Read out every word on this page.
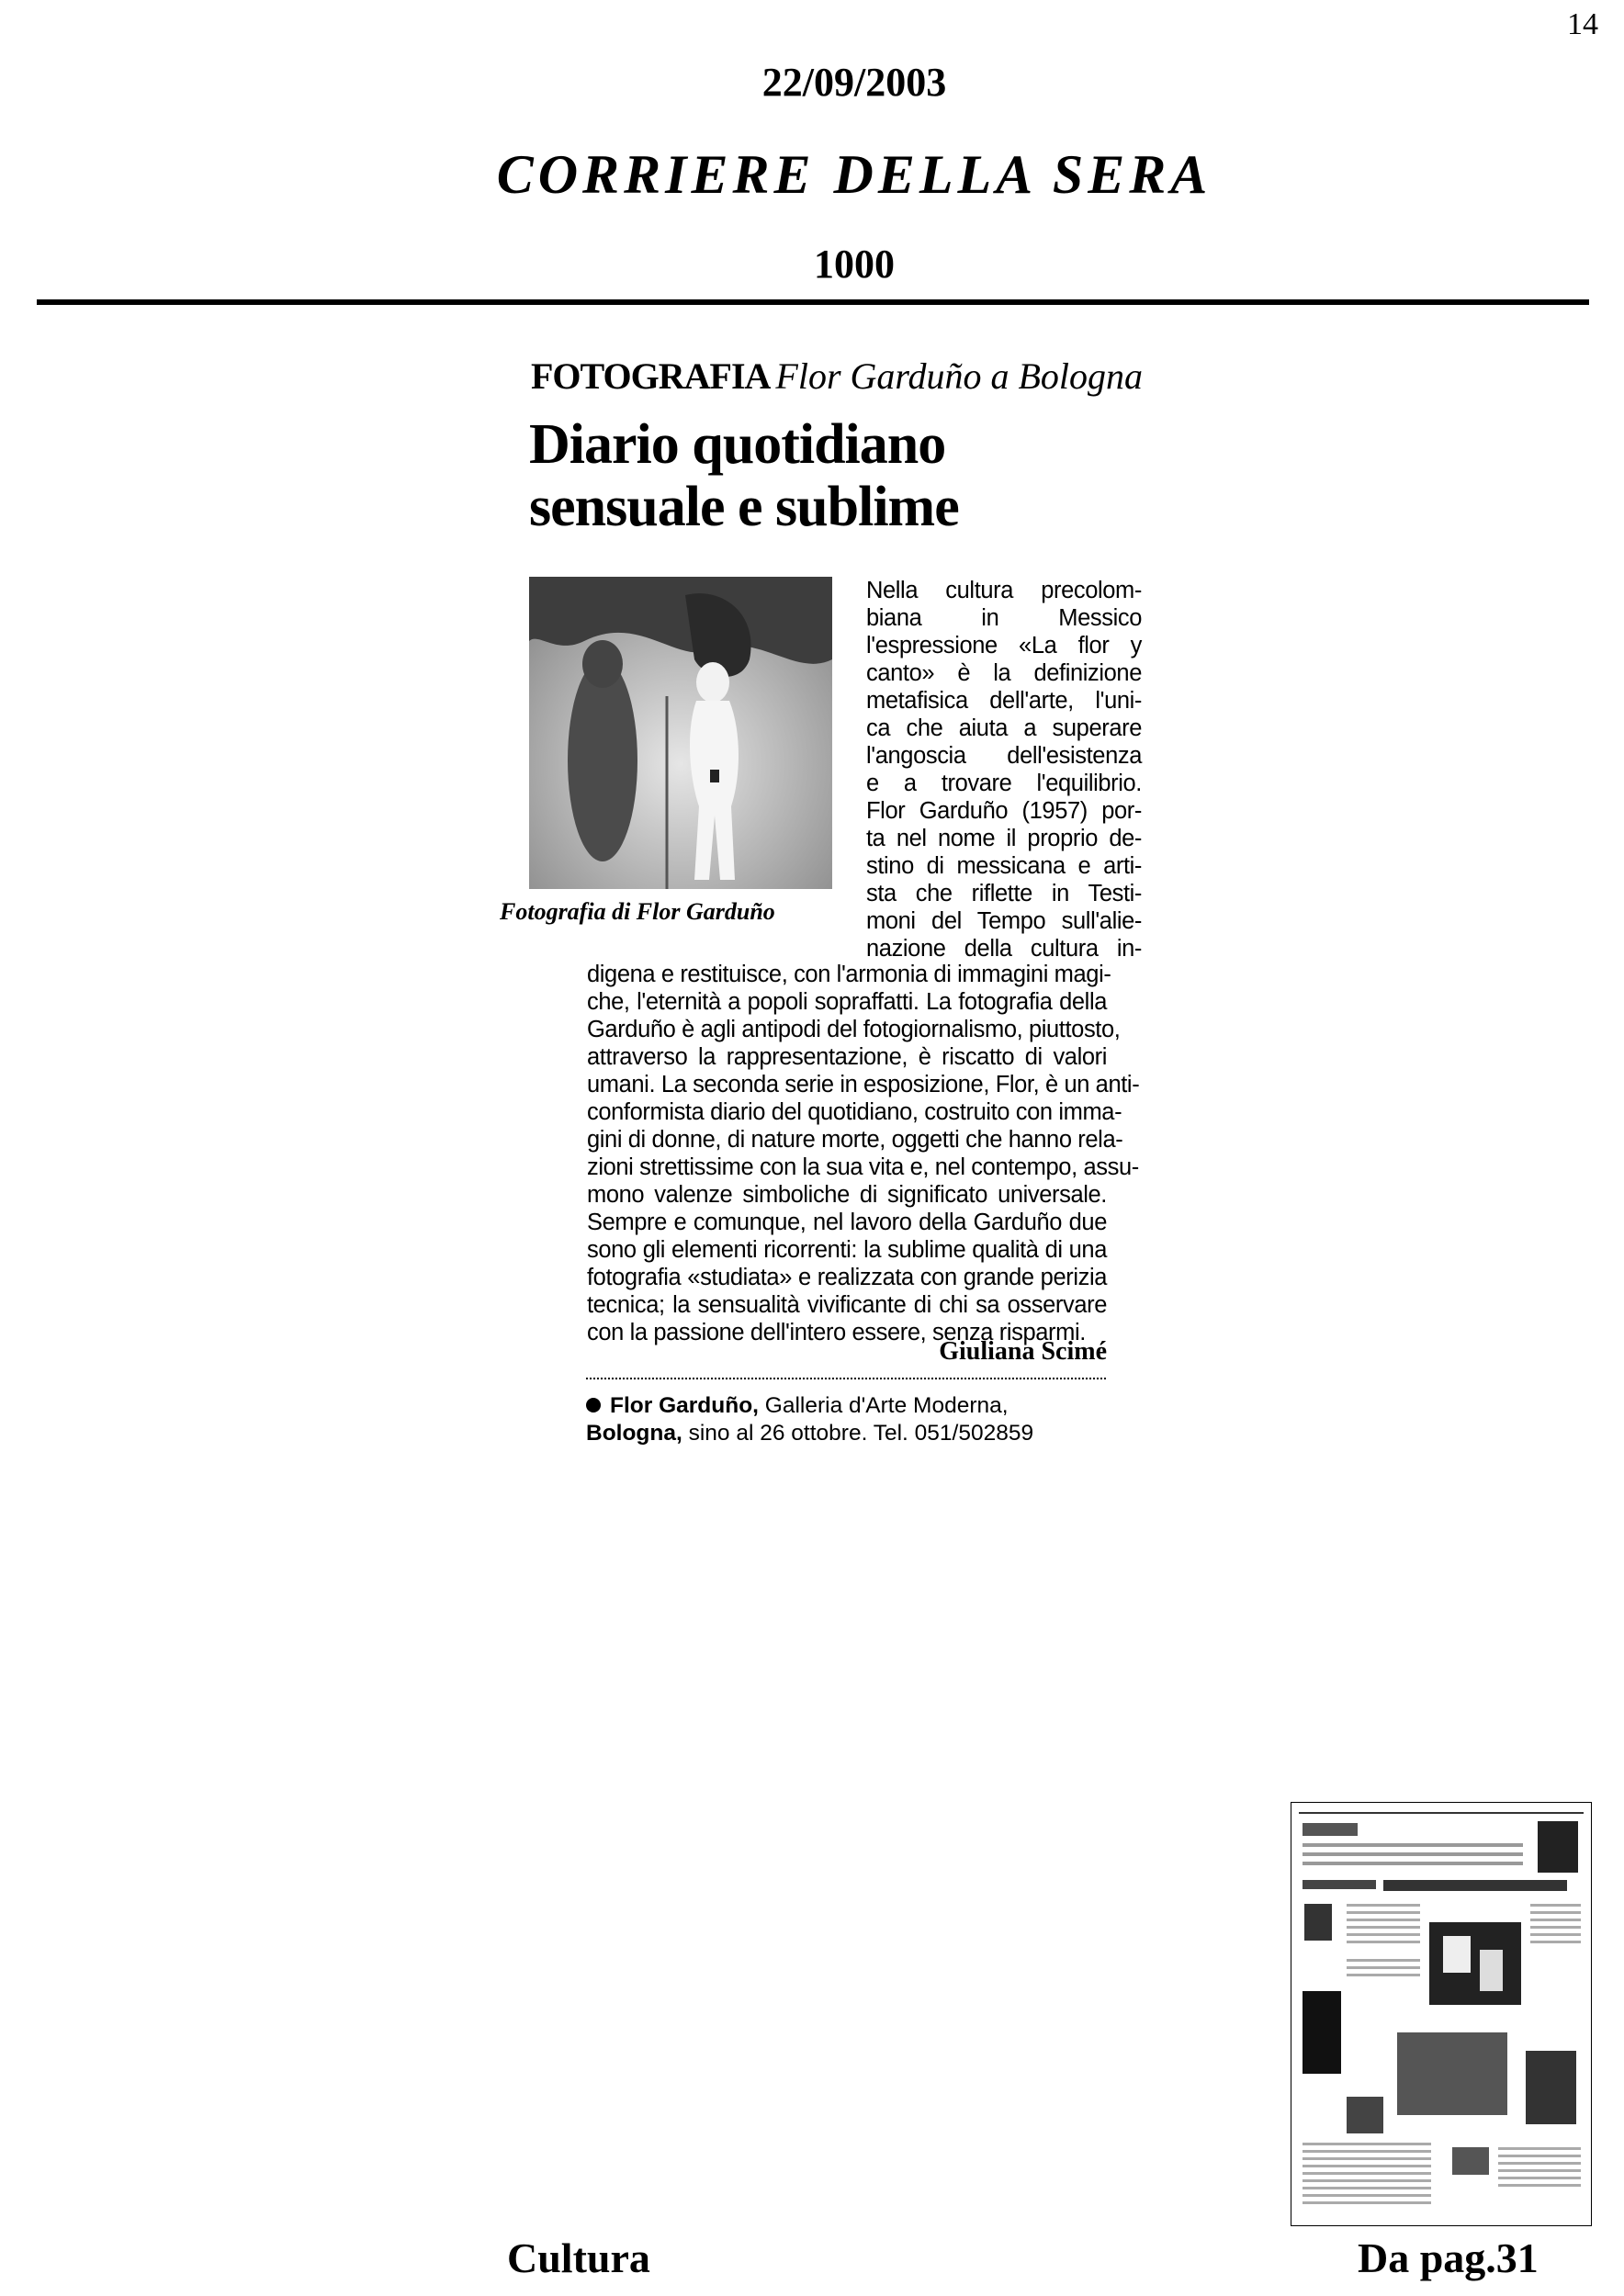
14
22/09/2003
CORRIERE DELLA SERA
1000
FOTOGRAFIA Flor Garduño a Bologna
Diario quotidiano
sensuale e sublime
Fotografia di Flor Garduño
Nella cultura precolom-
biana in Messico
l'espressione «La flor y
canto» è la definizione
metafisica dell'arte, l'uni-
ca che aiuta a superare
l'angoscia dell'esistenza
e a trovare l'equilibrio.
Flor Garduño (1957) por-
ta nel nome il proprio de-
stino di messicana e arti-
sta che riflette in Testi-
moni del Tempo sull'alie-
nazione della cultura in-
digena e restituisce, con l'armonia di immagini magi-
che, l'eternità a popoli sopraffatti. La fotografia della
Garduño è agli antipodi del fotogiornalismo, piuttosto,
attraverso la rappresentazione, è riscatto di valori
umani. La seconda serie in esposizione, Flor, è un anti-
conformista diario del quotidiano, costruito con imma-
gini di donne, di nature morte, oggetti che hanno rela-
zioni strettissime con la sua vita e, nel contempo, assu-
mono valenze simboliche di significato universale.
Sempre e comunque, nel lavoro della Garduño due
sono gli elementi ricorrenti: la sublime qualità di una
fotografia «studiata» e realizzata con grande perizia
tecnica; la sensualità vivificante di chi sa osservare
con la passione dell'intero essere, senza risparmi.
Giuliana Scimé
Flor Garduño, Galleria d'Arte Moderna, Bologna, sino al 26 ottobre. Tel. 051/502859
Cultura	Da pag.31
